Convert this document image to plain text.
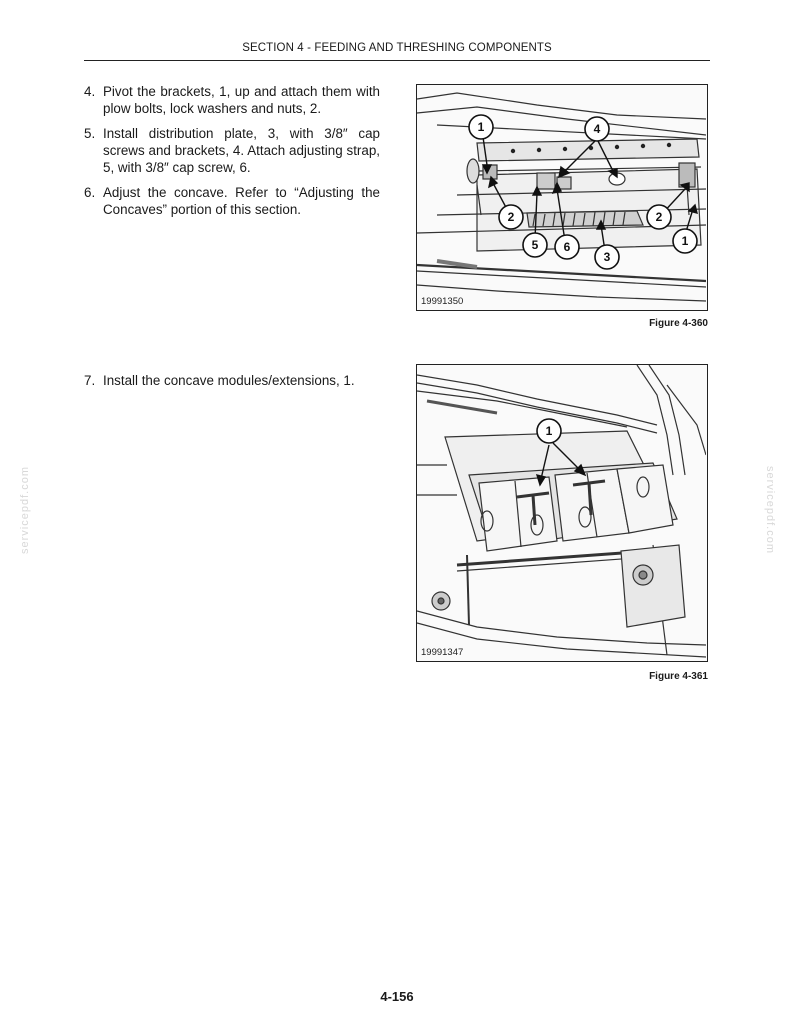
SECTION 4 - FEEDING AND THRESHING COMPONENTS
4. Pivot the brackets, 1, up and attach them with plow bolts, lock washers and nuts, 2.
5. Install distribution plate, 3, with 3/8″ cap screws and brackets, 4. Attach adjusting strap, 5, with 3/8″ cap screw, 6.
6. Adjust the concave. Refer to “Adjusting the Concaves” portion of this section.
7. Install the concave modules/extensions, 1.
1	4
2	2
5 6
3
1
19991350
Figure 4-360
1
19991347
Figure 4-361
servicepdf.com	servicepdf.com
4-156
